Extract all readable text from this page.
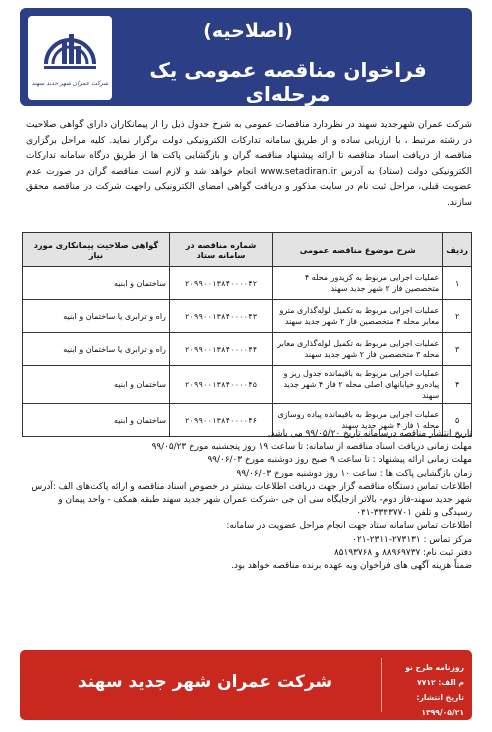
شرکت عمران شهر جدید سهند
(اصلاحیه)
فراخوان مناقصه عمومی یک مرحله‌ای

شرکت عمران شهرجدید سهند در نظردارد مناقصات عمومی به شرح جدول ذیل را از پیمانکاران دارای گواهی صلاحیت در رشته مرتبط ، با ارزیابی ساده و از طریق سامانه تدارکات الکترونیکی دولت برگزار نماید. کلیه مراحل برگزاری مناقصه از دریافت اسناد مناقصه تا ارائه پیشنهاد مناقصه گران و بازگشایی پاکت ها از طریق درگاه سامانه تدارکات الکترونیکی دولت (ستاد) به آدرس www.setadiran.ir انجام خواهد شد و لازم است مناقصه گران در صورت عدم عضویت قبلی، مراحل ثبت نام در سایت مذکور و دریافت گواهی امضای الکترونیکی راجهت شرکت در مناقصه محقق سازند.

ردیف	شرح موضوع مناقصه عمومی	شماره مناقصه در سامانه ستاد	گواهی صلاحیت پیمانکاری مورد نیاز
۱	عملیات اجرایی مربوط به کریدور محله ۴ متخصصین فاز ۲ شهر جدید سهند	۲۰۹۹۰۰۱۳۸۴۰۰۰۰۴۲	ساختمان و ابنیه
۲	عملیات اجرایی مربوط به تکمیل لوله‌گذاری مترو معابر محله ۴ متخصصین فاز ۲ شهر جدید سهند	۲۰۹۹۰۰۱۳۸۴۰۰۰۰۴۳	راه و ترابری یا ساختمان و ابنیه
۳	عملیات اجرایی مربوط به تکمیل لوله‌گذاری معابر محله ۳ متخصصین فاز ۲ شهر جدید سهند	۲۰۹۹۰۰۱۳۸۴۰۰۰۰۴۴	راه و ترابری یا ساختمان و ابنیه
۴	عملیات اجرایی مربوط به باقیمانده جدول ریز و پیاده‌رو خیابانهای اصلی محله ۲ فاز ۴ شهر جدید سهند	۲۰۹۹۰۰۱۳۸۴۰۰۰۰۴۵	ساختمان و ابنیه
۵	عملیات اجرایی مربوط به باقیمانده پیاده روسازی محله ۱ فاز ۴ شهر جدید سهند	۲۰۹۹۰۰۱۳۸۴۰۰۰۰۴۶	ساختمان و ابنیه

تاریخ انتشار مناقصه درسامانه تاریخ ۹۹/۰۵/۲۰ می باشد.

مهلت زمانی دریافت اسناد مناقصه از سامانه: تا ساعت ۱۹ روز پنجشنبه مورخ ۹۹/۰۵/۲۳

مهلت زمانی ارائه پیشنهاد : تا ساعت ۹ صبح روز دوشنبه مورخ ۹۹/۰۶/۰۳

زمان بازگشایی پاکت ها : ساعت ۱۰ روز دوشنبه مورخ ۹۹/۰۶/۰۳

اطلاعات تماس دستگاه مناقصه گزار جهت دریافت اطلاعات بیشتر در خصوص اسناد مناقصه و ارائه پاکت‌های الف :آدرس شهر جدید سهند-فاز دوم- بالاتر ازجایگاه سی ان جی -شرکت عمران شهر جدید سهند طبقه همکف - واحد پیمان و رسیدگی و تلفن ۳۳۴۳۷۷۰۱-۰۴۱

اطلاعات تماس سامانه ستاد جهت انجام مراحل عضویت در سامانه:

مرکز تماس : ۲۷۳۱۳۱-۲۳۱۱-۰۲۱

دفتر ثبت نام: ۸۸۹۶۹۷۳۷ و ۸۵۱۹۳۷۶۸

ضمناً هزینه آگهی های فراخوان وبه عهده برنده مناقصه خواهد بود.

روزنامه طرح نو
م الف: ۷۷۱۲
تاریخ انتشار: ۱۳۹۹/۰۵/۲۱
شرکت عمران شهر جدید سهند
